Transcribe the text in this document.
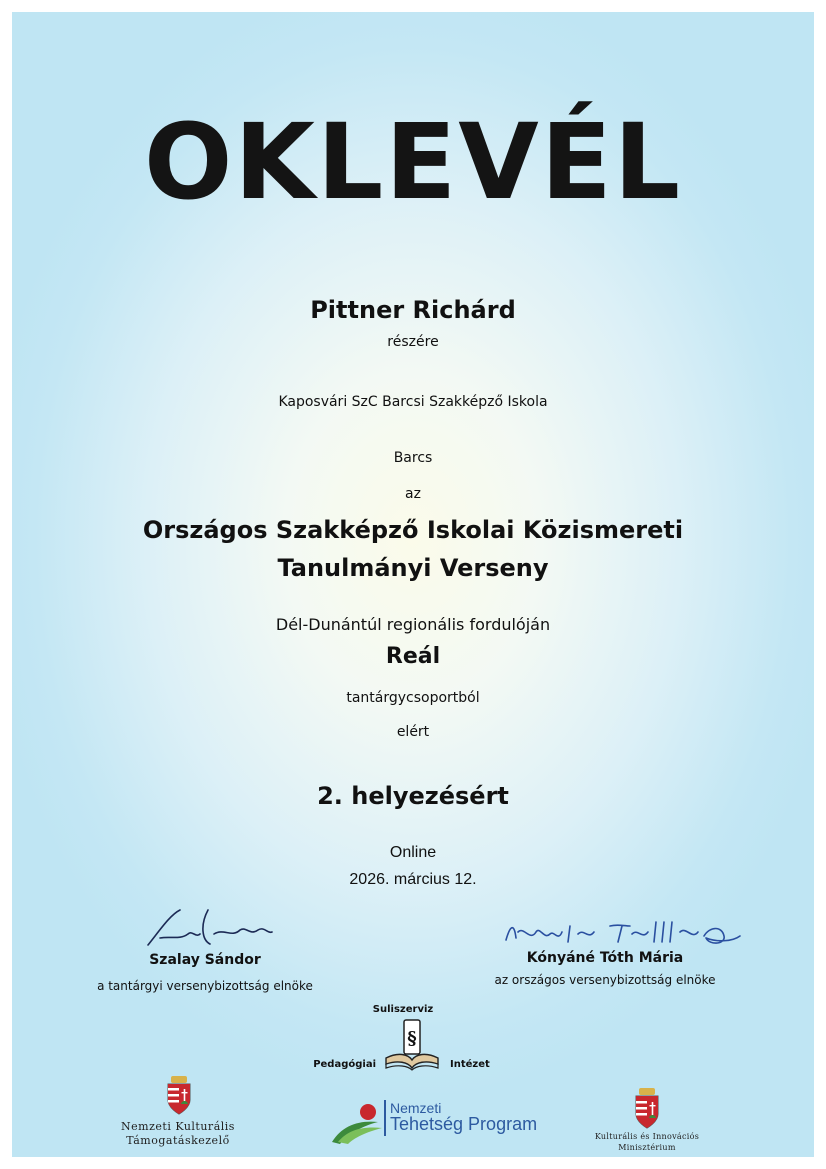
OKLEVÉL
Pittner Richárd
részére
Kaposvári SzC Barcsi Szakképző Iskola
Barcs
az
Országos Szakképző Iskolai Közismereti
Tanulmányi Verseny
Dél-Dunántúl regionális fordulóján
Reál
tantárgycsoportból
elért
2. helyezésért
Online
2026. március 12.
Szalay Sándor
a tantárgyi versenybizottság elnöke
Kónyáné Tóth Mária
az országos versenybizottság elnöke
Suliszerviz
§
Pedagógiai	Intézet
Nemzeti Kulturális
Támogatáskezelő
Nemzeti
Tehetség Program
Kulturális és Innovációs
Minisztérium
